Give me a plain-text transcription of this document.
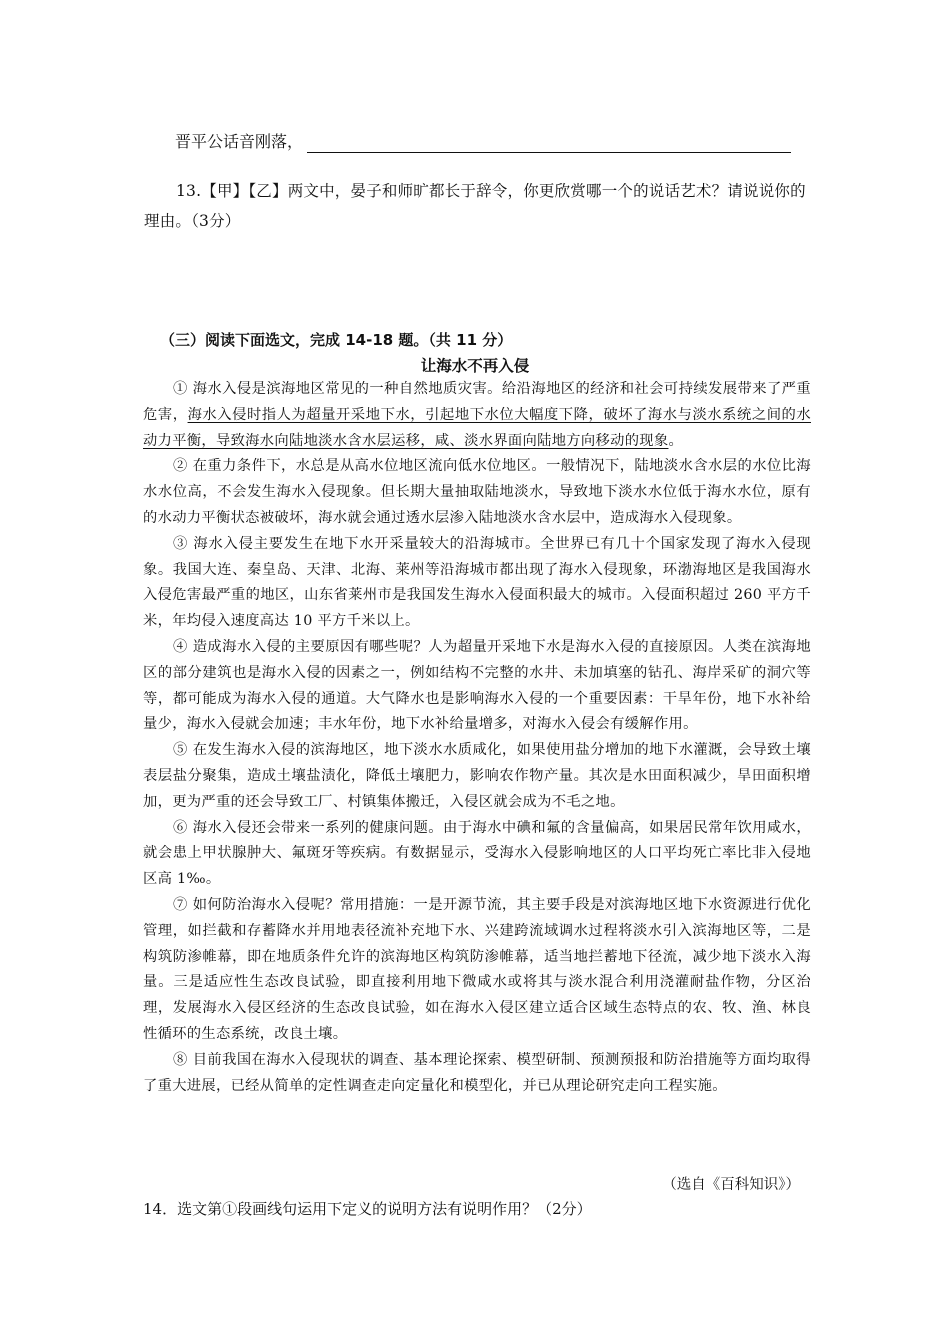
晋平公话音刚落，
13.【甲】【乙】两文中，晏子和师旷都长于辞令，你更欣赏哪一个的说话艺术？请说说你的理由。（3分）
（三）阅读下面选文，完成 14-18 题。（共 11 分）
让海水不再入侵

① 海水入侵是滨海地区常见的一种自然地质灾害。给沿海地区的经济和社会可持续发展带来了严重危害，海水入侵时指人为超量开采地下水，引起地下水位大幅度下降，破坏了海水与淡水系统之间的水动力平衡，导致海水向陆地淡水含水层运移，咸、淡水界面向陆地方向移动的现象。

② 在重力条件下，水总是从高水位地区流向低水位地区。一般情况下，陆地淡水含水层的水位比海水水位高，不会发生海水入侵现象。但长期大量抽取陆地淡水，导致地下淡水水位低于海水水位，原有的水动力平衡状态被破坏，海水就会通过透水层渗入陆地淡水含水层中，造成海水入侵现象。

③ 海水入侵主要发生在地下水开采量较大的沿海城市。全世界已有几十个国家发现了海水入侵现象。我国大连、秦皇岛、天津、北海、莱州等沿海城市都出现了海水入侵现象，环渤海地区是我国海水入侵危害最严重的地区，山东省莱州市是我国发生海水入侵面积最大的城市。入侵面积超过 260 平方千米，年均侵入速度高达 10 平方千米以上。

④ 造成海水入侵的主要原因有哪些呢？人为超量开采地下水是海水入侵的直接原因。人类在滨海地区的部分建筑也是海水入侵的因素之一，例如结构不完整的水井、未加填塞的钻孔、海岸采矿的洞穴等等，都可能成为海水入侵的通道。大气降水也是影响海水入侵的一个重要因素：干旱年份，地下水补给量少，海水入侵就会加速；丰水年份，地下水补给量增多，对海水入侵会有缓解作用。

⑤ 在发生海水入侵的滨海地区，地下淡水水质咸化，如果使用盐分增加的地下水灌溉，会导致土壤表层盐分聚集，造成土壤盐渍化，降低土壤肥力，影响农作物产量。其次是水田面积减少，旱田面积增加，更为严重的还会导致工厂、村镇集体搬迁，入侵区就会成为不毛之地。

⑥ 海水入侵还会带来一系列的健康问题。由于海水中碘和氟的含量偏高，如果居民常年饮用咸水，就会患上甲状腺肿大、氟斑牙等疾病。有数据显示，受海水入侵影响地区的人口平均死亡率比非入侵地区高 1‰。

⑦ 如何防治海水入侵呢？常用措施：一是开源节流，其主要手段是对滨海地区地下水资源进行优化管理，如拦截和存蓄降水并用地表径流补充地下水、兴建跨流域调水过程将淡水引入滨海地区等，二是构筑防渗帷幕，即在地质条件允许的滨海地区构筑防渗帷幕，适当地拦蓄地下径流，减少地下淡水入海量。三是适应性生态改良试验，即直接利用地下微咸水或将其与淡水混合利用浇灌耐盐作物，分区治理，发展海水入侵区经济的生态改良试验，如在海水入侵区建立适合区域生态特点的农、牧、渔、林良性循环的生态系统，改良土壤。

⑧ 目前我国在海水入侵现状的调查、基本理论探索、模型研制、预测预报和防治措施等方面均取得了重大进展，已经从简单的定性调查走向定量化和模型化，并已从理论研究走向工程实施。

（选自《百科知识》）
14．选文第①段画线句运用下定义的说明方法有说明作用？（2分）
